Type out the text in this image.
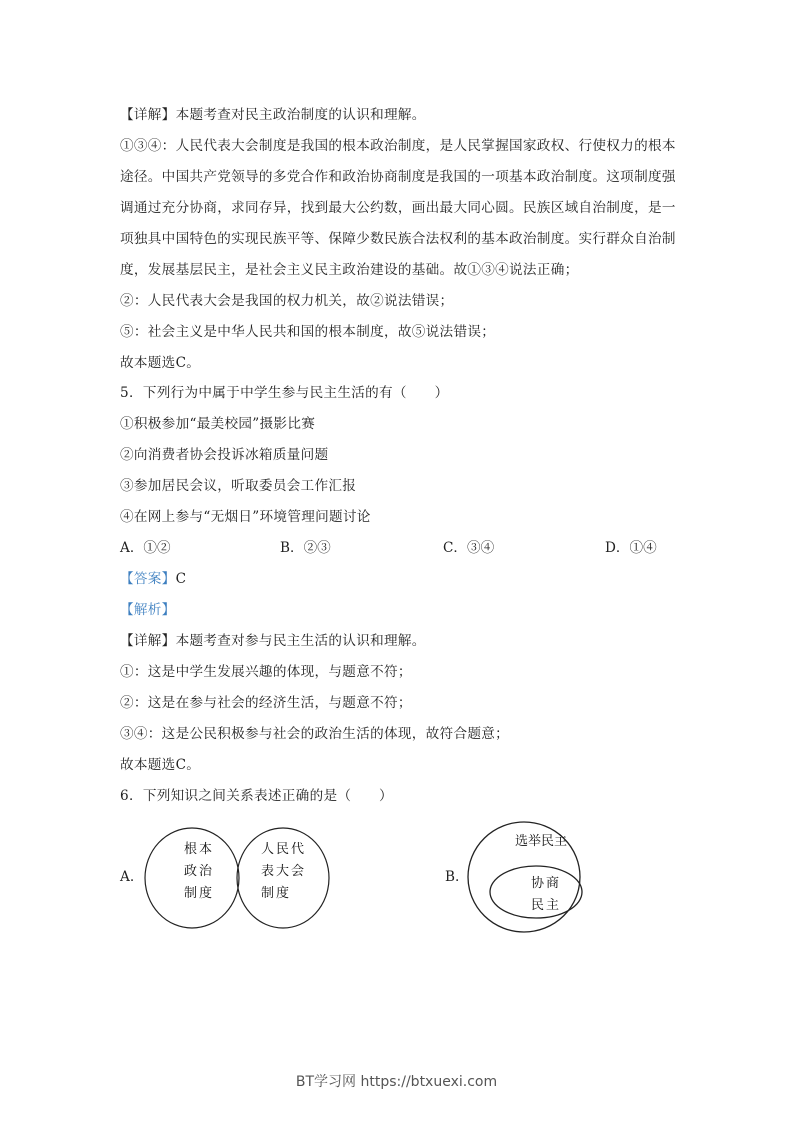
【详解】本题考查对民主政治制度的认识和理解。
①③④：人民代表大会制度是我国的根本政治制度，是人民掌握国家政权、行使权力的根本
途径。中国共产党领导的多党合作和政治协商制度是我国的一项基本政治制度。这项制度强
调通过充分协商，求同存异，找到最大公约数，画出最大同心圆。民族区域自治制度，是一
项独具中国特色的实现民族平等、保障少数民族合法权利的基本政治制度。实行群众自治制
度，发展基层民主，是社会主义民主政治建设的基础。故①③④说法正确；
②：人民代表大会是我国的权力机关，故②说法错误；
⑤：社会主义是中华人民共和国的根本制度，故⑤说法错误；
故本题选C。
5．下列行为中属于中学生参与民主生活的有（　　）
①积极参加“最美校园”摄影比赛
②向消费者协会投诉冰箱质量问题
③参加居民会议，听取委员会工作汇报
④在网上参与“无烟日”环境管理问题讨论
A．①②	B．②③	C．③④	D．①④
【答案】C
【解析】
【详解】本题考查对参与民主生活的认识和理解。
①：这是中学生发展兴趣的体现，与题意不符；
②：这是在参与社会的经济生活，与题意不符；
③④：这是公民积极参与社会的政治生活的体现，故符合题意；
故本题选C。
6．下列知识之间关系表述正确的是（　　）
A.
根本
政治
制度
人民代
表大会
制度
B.
选举民主
协商
民主
BT学习网 https://btxuexi.com
